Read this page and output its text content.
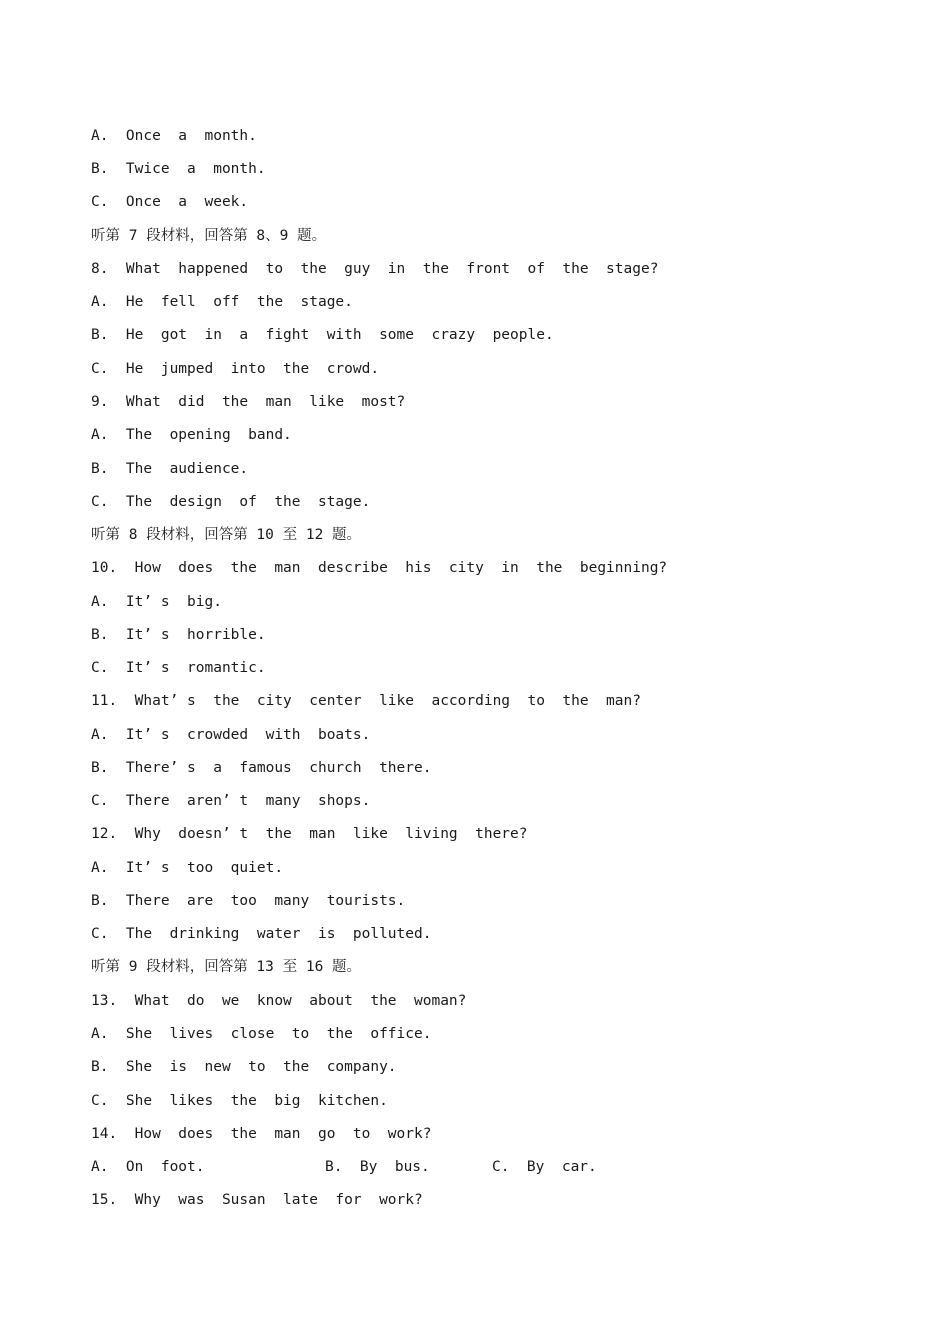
A.  Once  a  month.
B.  Twice  a  month.
C.  Once  a  week.
听第 7 段材料，回答第 8、9 题。
8.  What  happened  to  the  guy  in  the  front  of  the  stage?
A.  He  fell  off  the  stage.
B.  He  got  in  a  fight  with  some  crazy  people.
C.  He  jumped  into  the  crowd.
9.  What  did  the  man  like  most?
A.  The  opening  band.
B.  The  audience.
C.  The  design  of  the  stage.
听第 8 段材料，回答第 10 至 12 题。
10.  How  does  the  man  describe  his  city  in  the  beginning?
A.  It’ s  big.
B.  It’ s  horrible.
C.  It’ s  romantic.
11.  What’ s  the  city  center  like  according  to  the  man?
A.  It’ s  crowded  with  boats.
B.  There’ s  a  famous  church  there.
C.  There  aren’ t  many  shops.
12.  Why  doesn’ t  the  man  like  living  there?
A.  It’ s  too  quiet.
B.  There  are  too  many  tourists.
C.  The  drinking  water  is  polluted.
听第 9 段材料，回答第 13 至 16 题。
13.  What  do  we  know  about  the  woman?
A.  She  lives  close  to  the  office.
B.  She  is  new  to  the  company.
C.  She  likes  the  big  kitchen.
14.  How  does  the  man  go  to  work?

A.  On  foot.

	B.  By  bus.

	C.  By  car.

15.  Why  was  Susan  late  for  work?
